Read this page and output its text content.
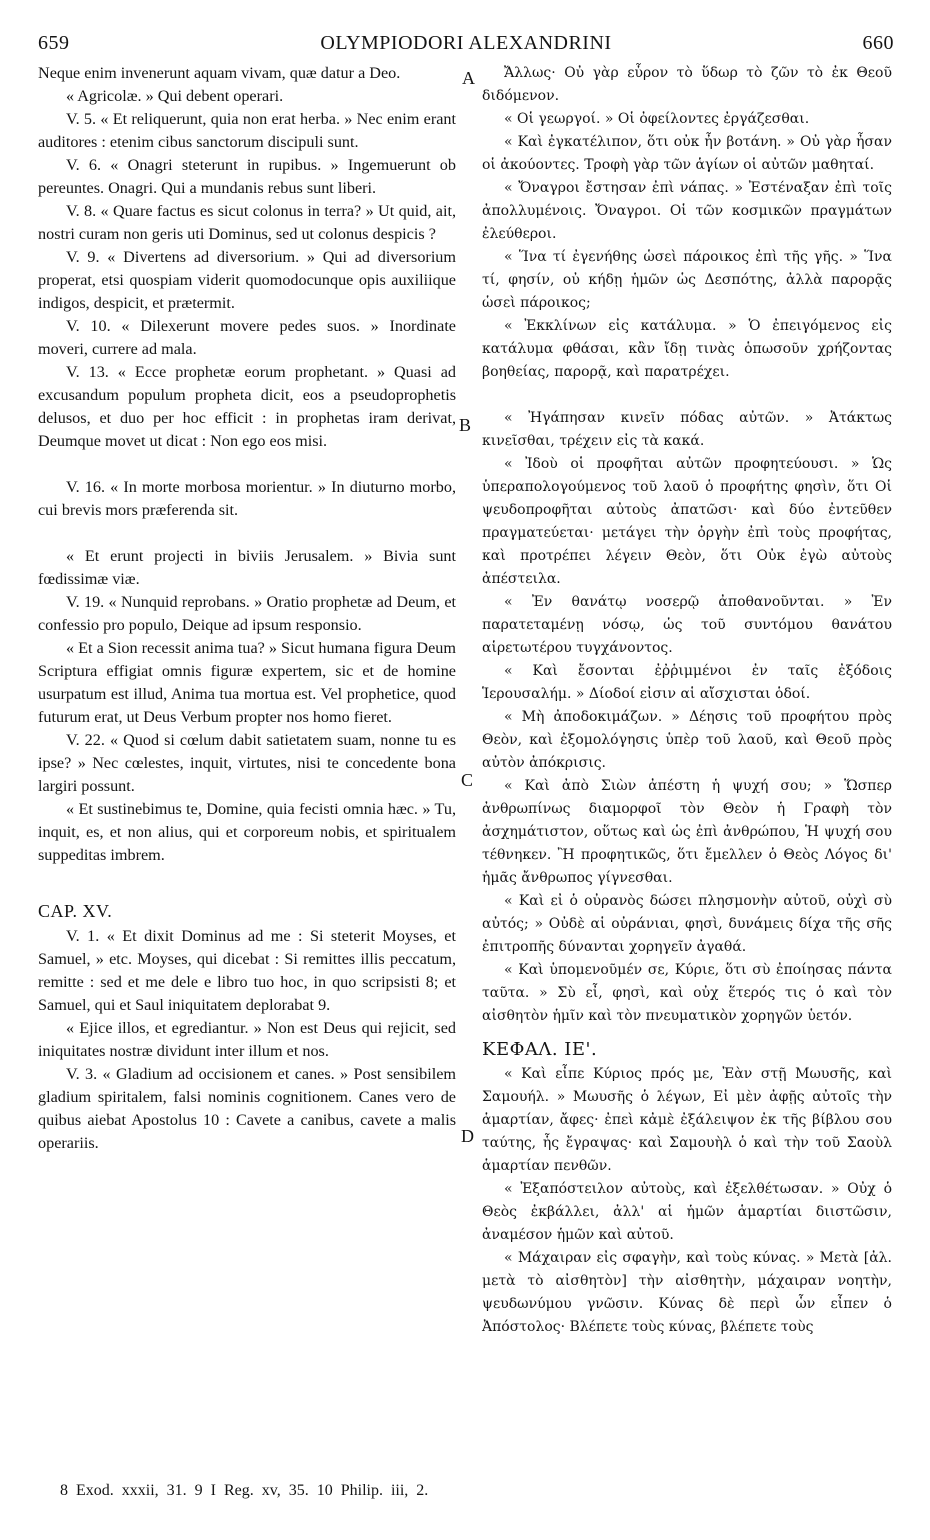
659	OLYMPIODORI ALEXANDRINI	660
A
B
C
D

Neque enim invenerunt aquam vivam, quæ datur a Deo.

« Agricolæ. » Qui debent operari.

V. 5. « Et reliquerunt, quia non erat herba. » Nec enim erant auditores : etenim cibus sanctorum discipuli sunt.

V. 6. « Onagri steterunt in rupibus. » Ingemuerunt ob pereuntes. Onagri. Qui a mundanis rebus sunt liberi.

V. 8. « Quare factus es sicut colonus in terra? » Ut quid, ait, nostri curam non geris uti Dominus, sed ut colonus despicis ?

V. 9. « Divertens ad diversorium. » Qui ad diversorium properat, etsi quospiam viderit quomodocunque opis auxiliique indigos, despicit, et prætermit.

V. 10. « Dilexerunt movere pedes suos. » Inordinate moveri, currere ad mala.

V. 13. « Ecce prophetæ eorum prophetant. » Quasi ad excusandum populum propheta dicit, eos a pseudoprophetis delusos, et duo per hoc efficit : in prophetas iram derivat, Deumque movet ut dicat : Non ego eos misi.

V. 16. « In morte morbosa morientur. » In diuturno morbo, cui brevis mors præferenda sit.

« Et erunt projecti in biviis Jerusalem. » Bivia sunt fœdissimæ viæ.

V. 19. « Nunquid reprobans. » Oratio prophetæ ad Deum, et confessio pro populo, Deique ad ipsum responsio.

« Et a Sion recessit anima tua? » Sicut humana figura Deum Scriptura effigiat omnis figuræ expertem, sic et de homine usurpatum est illud, Anima tua mortua est. Vel prophetice, quod futurum erat, ut Deus Verbum propter nos homo fieret.

V. 22. « Quod si cœlum dabit satietatem suam, nonne tu es ipse? » Nec cœlestes, inquit, virtutes, nisi te concedente bona largiri possunt.

« Et sustinebimus te, Domine, quia fecisti omnia hæc. » Tu, inquit, es, et non alius, qui et corporeum nobis, et spiritualem suppeditas imbrem.

CAP. XV.

V. 1. « Et dixit Dominus ad me : Si steterit Moyses, et Samuel, » etc. Moyses, qui dicebat : Si remittes illis peccatum, remitte : sed et me dele e libro tuo hoc, in quo scripsisti 8; et Samuel, qui et Saul iniquitatem deplorabat 9.

« Ejice illos, et egrediantur. » Non est Deus qui rejicit, sed iniquitates nostræ dividunt inter illum et nos.

V. 3. « Gladium ad occisionem et canes. » Post sensibilem gladium spiritalem, falsi nominis cognitionem. Canes vero de quibus aiebat Apostolus 10 : Cavete a canibus, cavete a malis operariis.

Ἄλλως· Οὐ γὰρ εὗρον τὸ ὕδωρ τὸ ζῶν τὸ ἐκ Θεοῦ διδόμενον.

« Οἱ γεωργοί. » Οἱ ὀφείλοντες ἐργάζεσθαι.

« Καὶ ἐγκατέλιπον, ὅτι οὐκ ἦν βοτάνη. » Οὐ γὰρ ἦσαν οἱ ἀκούοντες. Τροφὴ γὰρ τῶν ἁγίων οἱ αὐτῶν μαθηταί.

« Ὄναγροι ἔστησαν ἐπὶ νάπας. » Ἐστέναξαν ἐπὶ τοῖς ἀπολλυμένοις. Ὄναγροι. Οἱ τῶν κοσμικῶν πραγμάτων ἐλεύθεροι.

« Ἵνα τί ἐγενήθης ὡσεὶ πάροικος ἐπὶ τῆς γῆς. » Ἵνα τί, φησίν, οὐ κήδῃ ἡμῶν ὡς Δεσπότης, ἀλλὰ παρορᾷς ὡσεὶ πάροικος;

« Ἐκκλίνων εἰς κατάλυμα. » Ὁ ἐπειγόμενος εἰς κατάλυμα φθάσαι, κἂν ἴδῃ τινὰς ὁπωσοῦν χρήζοντας βοηθείας, παρορᾷ, καὶ παρατρέχει.

« Ἠγάπησαν κινεῖν πόδας αὐτῶν. » Ἀτάκτως κινεῖσθαι, τρέχειν εἰς τὰ κακά.

« Ἰδοὺ οἱ προφῆται αὐτῶν προφητεύουσι. » Ὡς ὑπεραπολογούμενος τοῦ λαοῦ ὁ προφήτης φησὶν, ὅτι Οἱ ψευδοπροφῆται αὐτοὺς ἀπατῶσι· καὶ δύο ἐντεῦθεν πραγματεύεται· μετάγει τὴν ὀργὴν ἐπὶ τοὺς προφήτας, καὶ προτρέπει λέγειν Θεὸν, ὅτι Οὐκ ἐγὼ αὐτοὺς ἀπέστειλα.

« Ἐν θανάτῳ νοσερῷ ἀποθανοῦνται. » Ἐν παρατεταμένῃ νόσῳ, ὡς τοῦ συντόμου θανάτου αἱρετωτέρου τυγχάνοντος.

« Καὶ ἔσονται ἐῤῥιμμένοι ἐν ταῖς ἐξόδοις Ἱερουσαλήμ. » Δίοδοί εἰσιν αἱ αἴσχισται ὁδοί.

« Μὴ ἀποδοκιμάζων. » Δέησις τοῦ προφήτου πρὸς Θεὸν, καὶ ἐξομολόγησις ὑπὲρ τοῦ λαοῦ, καὶ Θεοῦ πρὸς αὐτὸν ἀπόκρισις.

« Καὶ ἀπὸ Σιὼν ἀπέστη ἡ ψυχή σου; » Ὥσπερ ἀνθρωπίνως διαμορφοῖ τὸν Θεὸν ἡ Γραφὴ τὸν ἀσχημάτιστον, οὕτως καὶ ὡς ἐπὶ ἀνθρώπου, Ἡ ψυχή σου τέθνηκεν. Ἢ προφητικῶς, ὅτι ἔμελλεν ὁ Θεὸς Λόγος δι' ἡμᾶς ἄνθρωπος γίγνεσθαι.

« Καὶ εἰ ὁ οὐρανὸς δώσει πλησμονὴν αὐτοῦ, οὐχὶ σὺ αὐτός; » Οὐδὲ αἱ οὐράνιαι, φησὶ, δυνάμεις δίχα τῆς σῆς ἐπιτροπῆς δύνανται χορηγεῖν ἀγαθά.

« Καὶ ὑπομενοῦμέν σε, Κύριε, ὅτι σὺ ἐποίησας πάντα ταῦτα. » Σὺ εἶ, φησὶ, καὶ οὐχ ἕτερός τις ὁ καὶ τὸν αἰσθητὸν ἡμῖν καὶ τὸν πνευματικὸν χορηγῶν ὑετόν.

ΚΕΦΑΛ. ΙΕ'.

« Καὶ εἶπε Κύριος πρός με, Ἐὰν στῇ Μωυσῆς, καὶ Σαμουήλ. » Μωυσῆς ὁ λέγων, Εἰ μὲν ἀφῇς αὐτοῖς τὴν ἁμαρτίαν, ἄφες· ἐπεὶ κἀμὲ ἐξάλειψον ἐκ τῆς βίβλου σου ταύτης, ἧς ἔγραψας· καὶ Σαμουὴλ ὁ καὶ τὴν τοῦ Σαοὺλ ἁμαρτίαν πενθῶν.

« Ἐξαπόστειλον αὐτοὺς, καὶ ἐξελθέτωσαν. » Οὐχ ὁ Θεὸς ἐκβάλλει, ἀλλ' αἱ ἡμῶν ἁμαρτίαι διιστῶσιν, ἀναμέσον ἡμῶν καὶ αὐτοῦ.

« Μάχαιραν εἰς σφαγὴν, καὶ τοὺς κύνας. » Μετὰ [ἀλ. μετὰ τὸ αἰσθητὸν] τὴν αἰσθητὴν, μάχαιραν νοητὴν, ψευδωνύμου γνῶσιν. Κύνας δὲ περὶ ὧν εἶπεν ὁ Ἀπόστολος· Βλέπετε τοὺς κύνας, βλέπετε τοὺς

8 Exod. xxxii, 31. 9 I Reg. xv, 35. 10 Philip. iii, 2.
